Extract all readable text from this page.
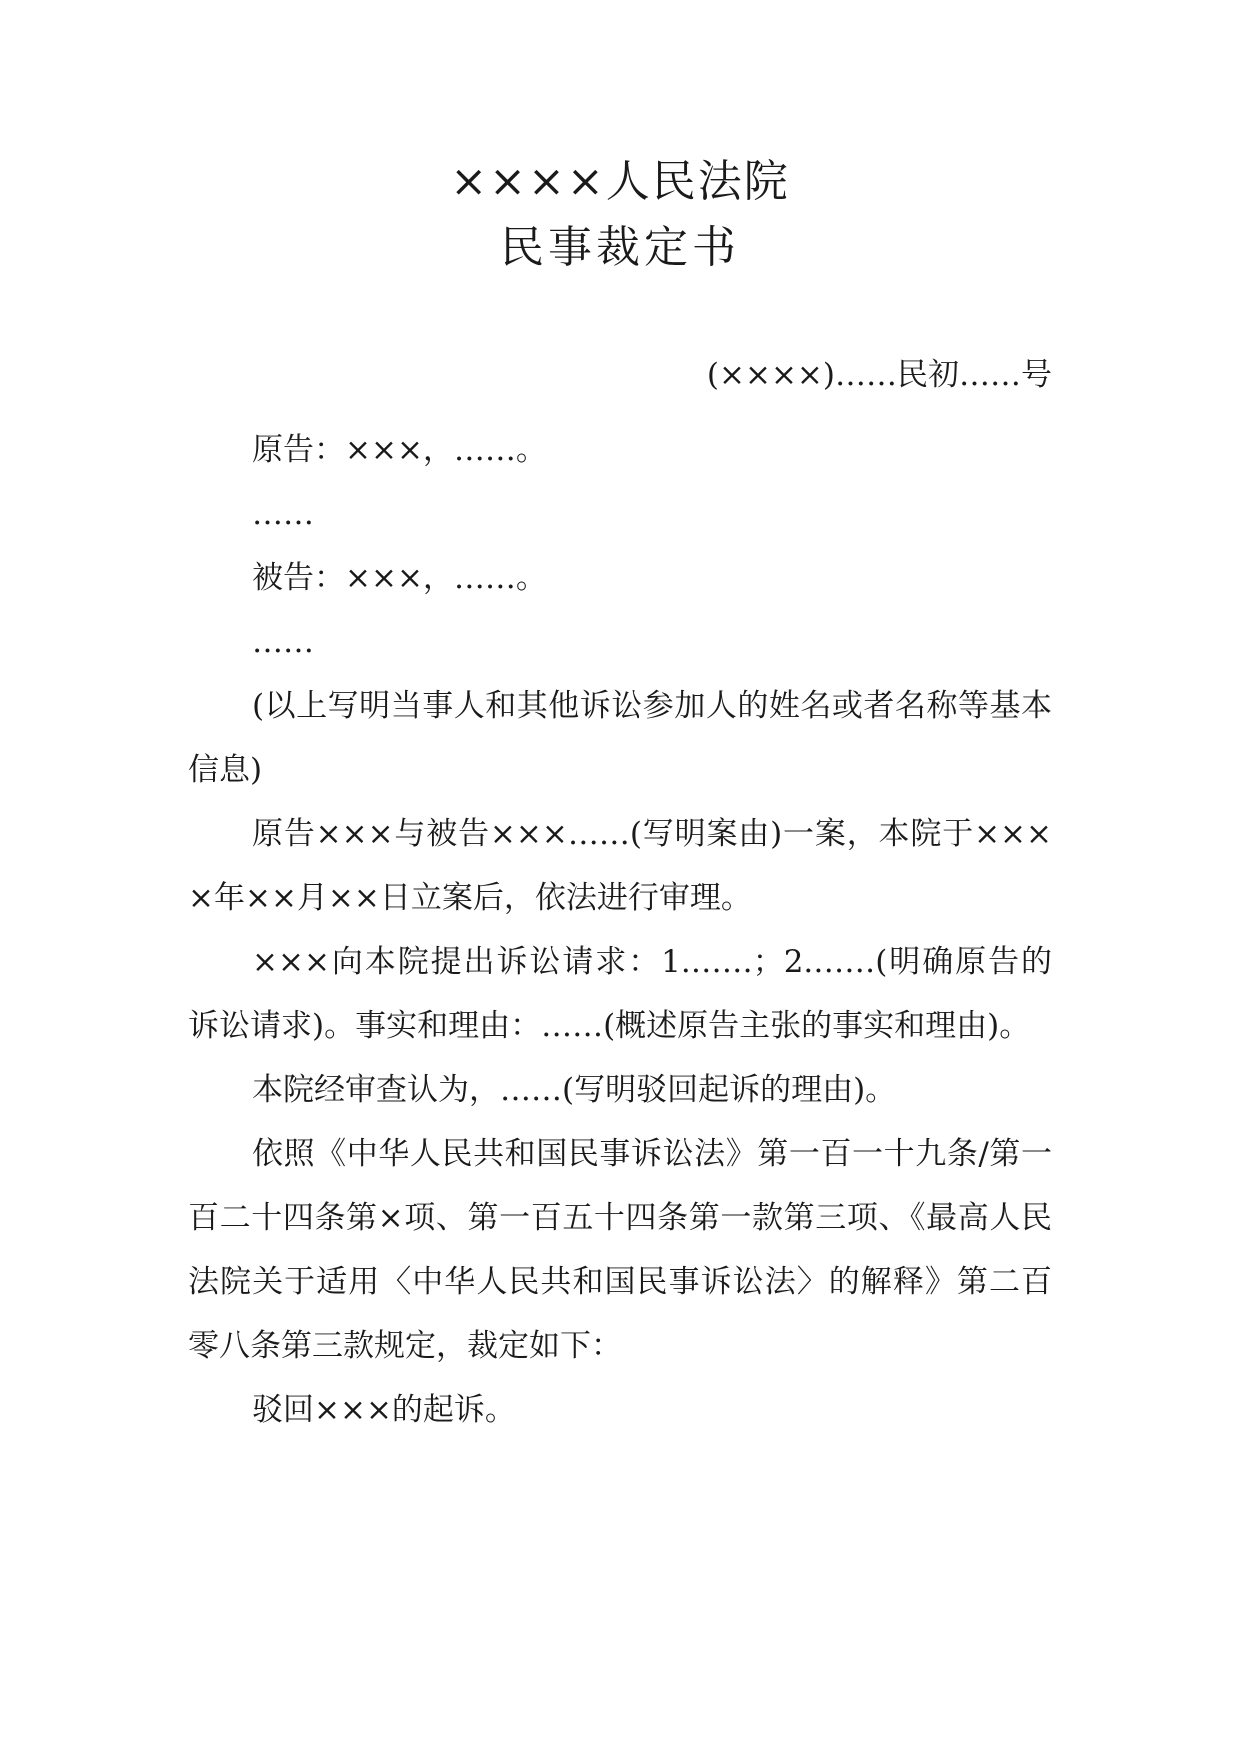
××××人民法院
民事裁定书
(××××)……民初……号

原告：×××，……。

……

被告：×××，……。

……

(以上写明当事人和其他诉讼参加人的姓名或者名称等基本信息)

原告×××与被告×××……(写明案由)一案，本院于××××年××月××日立案后，依法进行审理。

×××向本院提出诉讼请求：1.……；2.……(明确原告的诉讼请求)。事实和理由：……(概述原告主张的事实和理由)。

本院经审查认为，……(写明驳回起诉的理由)。

依照《中华人民共和国民事诉讼法》第一百一十九条/第一百二十四条第×项、第一百五十四条第一款第三项、《最高人民法院关于适用〈中华人民共和国民事诉讼法〉的解释》第二百零八条第三款规定，裁定如下：

驳回×××的起诉。
